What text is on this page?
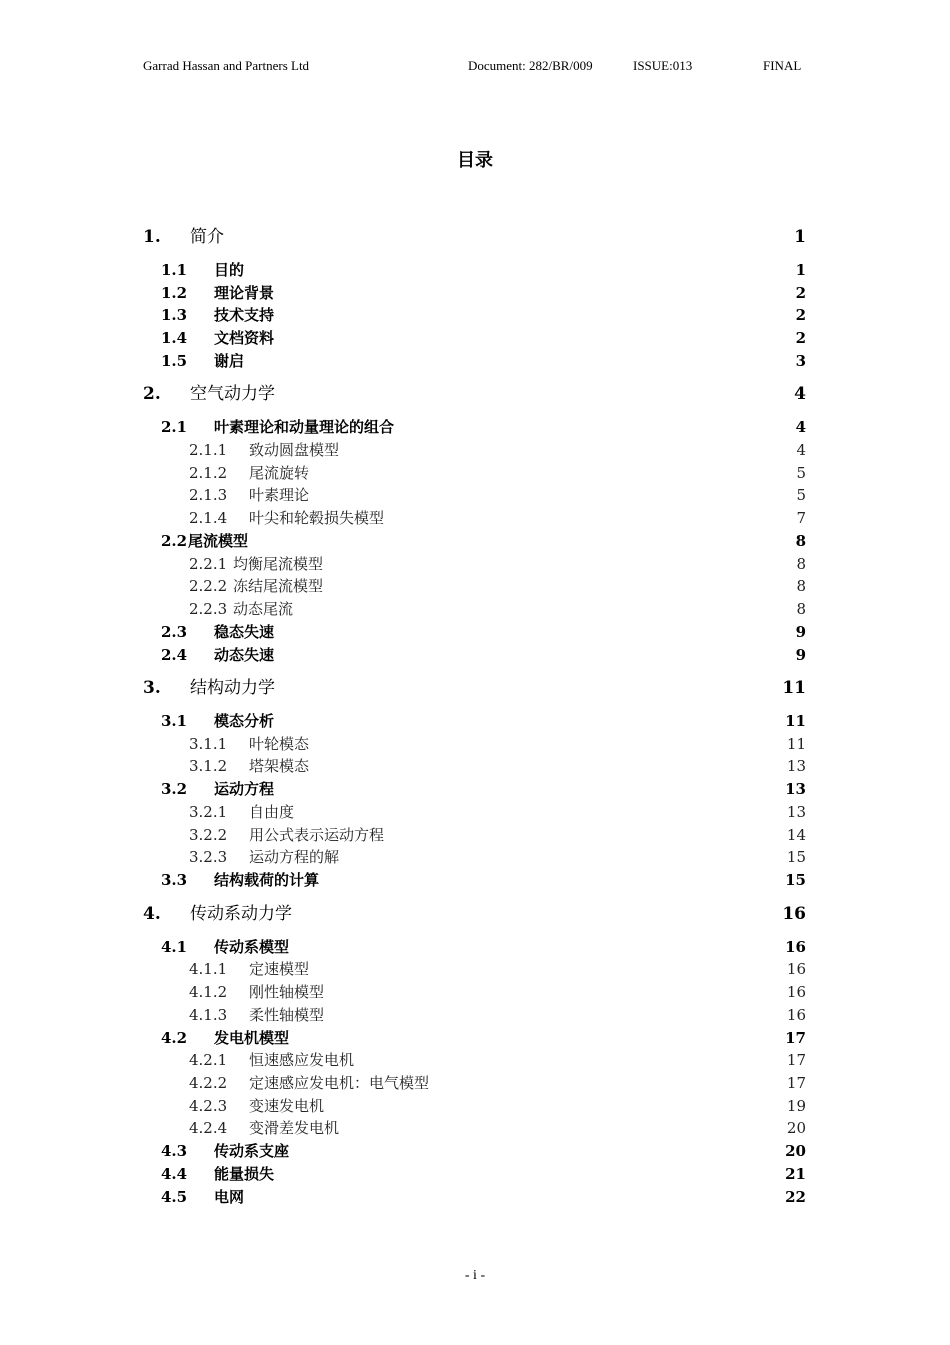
Garrad Hassan and Partners Ltd	Document: 282/BR/009	ISSUE:013	FINAL
目录
1. 简介	1
1.1 目的	1
1.2 理论背景	2
1.3 技术支持	2
1.4 文档资料	2
1.5 谢启	3
2. 空气动力学	4
2.1 叶素理论和动量理论的组合	4
2.1.1 致动圆盘模型	4
2.1.2 尾流旋转	5
2.1.3 叶素理论	5
2.1.4 叶尖和轮毂损失模型	7
2.2 尾流模型	8
2.2.1 均衡尾流模型	8
2.2.2 冻结尾流模型	8
2.2.3 动态尾流	8
2.3 稳态失速	9
2.4 动态失速	9
3. 结构动力学	11
3.1 模态分析	11
3.1.1 叶轮模态	11
3.1.2 塔架模态	13
3.2 运动方程	13
3.2.1 自由度	13
3.2.2 用公式表示运动方程	14
3.2.3 运动方程的解	15
3.3 结构载荷的计算	15
4. 传动系动力学	16
4.1 传动系模型	16
4.1.1 定速模型	16
4.1.2 刚性轴模型	16
4.1.3 柔性轴模型	16
4.2 发电机模型	17
4.2.1 恒速感应发电机	17
4.2.2 定速感应发电机：电气模型	17
4.2.3 变速发电机	19
4.2.4 变滑差发电机	20
4.3 传动系支座	20
4.4 能量损失	21
4.5 电网	22
- i -
